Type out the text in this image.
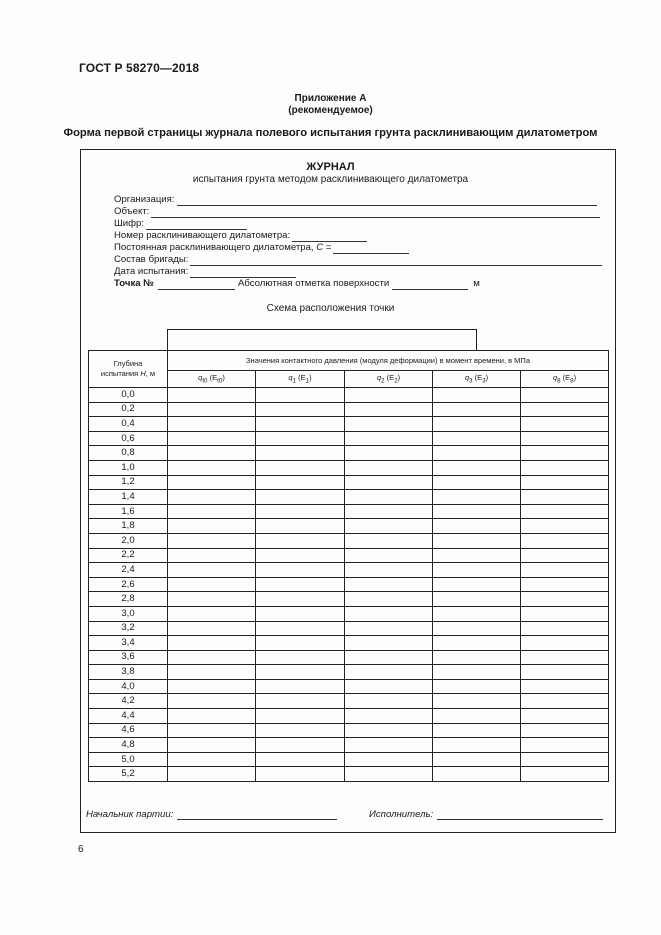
ГОСТ Р 58270—2018
Приложение А
(рекомендуемое)
Форма первой страницы журнала полевого испытания грунта расклинивающим дилатометром
ЖУРНАЛ
испытания грунта методом расклинивающего дилатометра
Организация:
Объект:
Шифр:
Номер расклинивающего дилатометра:
Постоянная расклинивающего дилатометра, C =
Состав бригады:
Дата испытания:
Точка №	Абсолютная отметка поверхности	м
Схема расположения точки
Глубина
испытания H, м	Значения контактного давления (модуля деформации) в момент времени, в МПа				
	$q_{t0}$ $(E_{t0})$	$q_1$ $(E_1)$	$q_2$ $(E_2)$	$q_3$ $(E_3)$	$q_8$ $(E_8)$
0,0					
0,2					
0,4					
0,6					
0,8					
1,0					
1,2					
1,4					
1,6					
1,8					
2,0					
2,2					
2,4					
2,6					
2,8					
3,0					
3,2					
3,4					
3,6					
3,8					
4,0					
4,2					
4,4					
4,6					
4,8					
5,0					
5,2					
Начальник партии:	Исполнитель:
6
